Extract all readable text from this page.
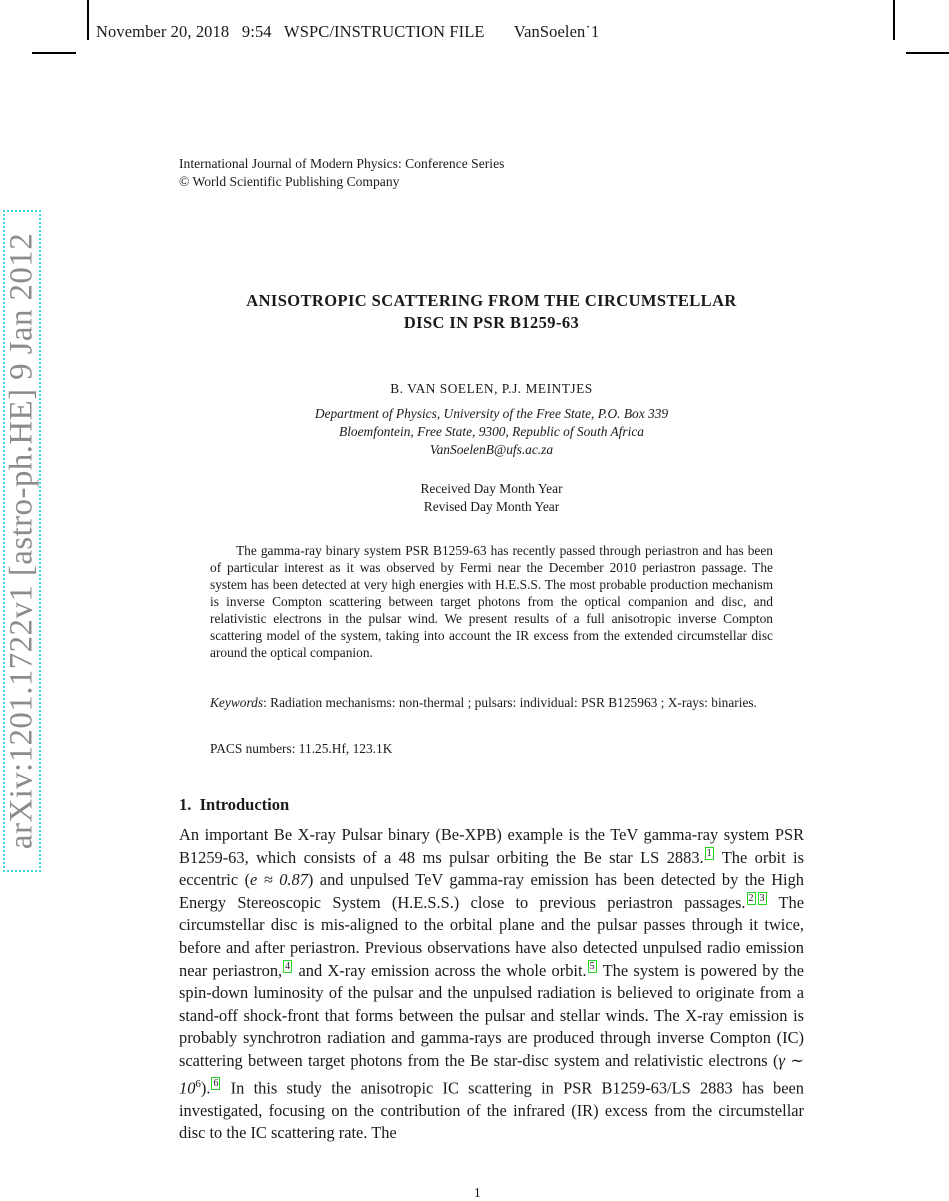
November 20, 2018 9:54 WSPC/INSTRUCTION FILE VanSoelen˙1
arXiv:1201.1722v1 [astro-ph.HE] 9 Jan 2012
International Journal of Modern Physics: Conference Series
© World Scientific Publishing Company
ANISOTROPIC SCATTERING FROM THE CIRCUMSTELLAR
DISC IN PSR B1259-63
B. VAN SOELEN, P.J. MEINTJES
Department of Physics, University of the Free State, P.O. Box 339
Bloemfontein, Free State, 9300, Republic of South Africa
VanSoelenB@ufs.ac.za
Received Day Month Year
Revised Day Month Year
The gamma-ray binary system PSR B1259-63 has recently passed through periastron and has been of particular interest as it was observed by Fermi near the December 2010 periastron passage. The system has been detected at very high energies with H.E.S.S. The most probable production mechanism is inverse Compton scattering between target photons from the optical companion and disc, and relativistic electrons in the pulsar wind. We present results of a full anisotropic inverse Compton scattering model of the system, taking into account the IR excess from the extended circumstellar disc around the optical companion.
Keywords: Radiation mechanisms: non-thermal ; pulsars: individual: PSR B125963 ; X-rays: binaries.
PACS numbers: 11.25.Hf, 123.1K
1. Introduction
An important Be X-ray Pulsar binary (Be-XPB) example is the TeV gamma-ray system PSR B1259-63, which consists of a 48 ms pulsar orbiting the Be star LS 2883. 1 The orbit is eccentric (e ≈ 0.87) and unpulsed TeV gamma-ray emission has been detected by the High Energy Stereoscopic System (H.E.S.S.) close to previous periastron passages. 2 3 The circumstellar disc is mis-aligned to the orbital plane and the pulsar passes through it twice, before and after periastron. Previous observations have also detected unpulsed radio emission near periastron, 4 and X-ray emission across the whole orbit. 5 The system is powered by the spin-down luminosity of the pulsar and the unpulsed radiation is believed to originate from a stand-off shock-front that forms between the pulsar and stellar winds. The X-ray emission is probably synchrotron radiation and gamma-rays are produced through inverse Compton (IC) scattering between target photons from the Be star-disc system and relativistic electrons (γ ∼ $10^6$). 6 In this study the anisotropic IC scattering in PSR B1259-63/LS 2883 has been investigated, focusing on the contribution of the infrared (IR) excess from the circumstellar disc to the IC scattering rate. The
1
